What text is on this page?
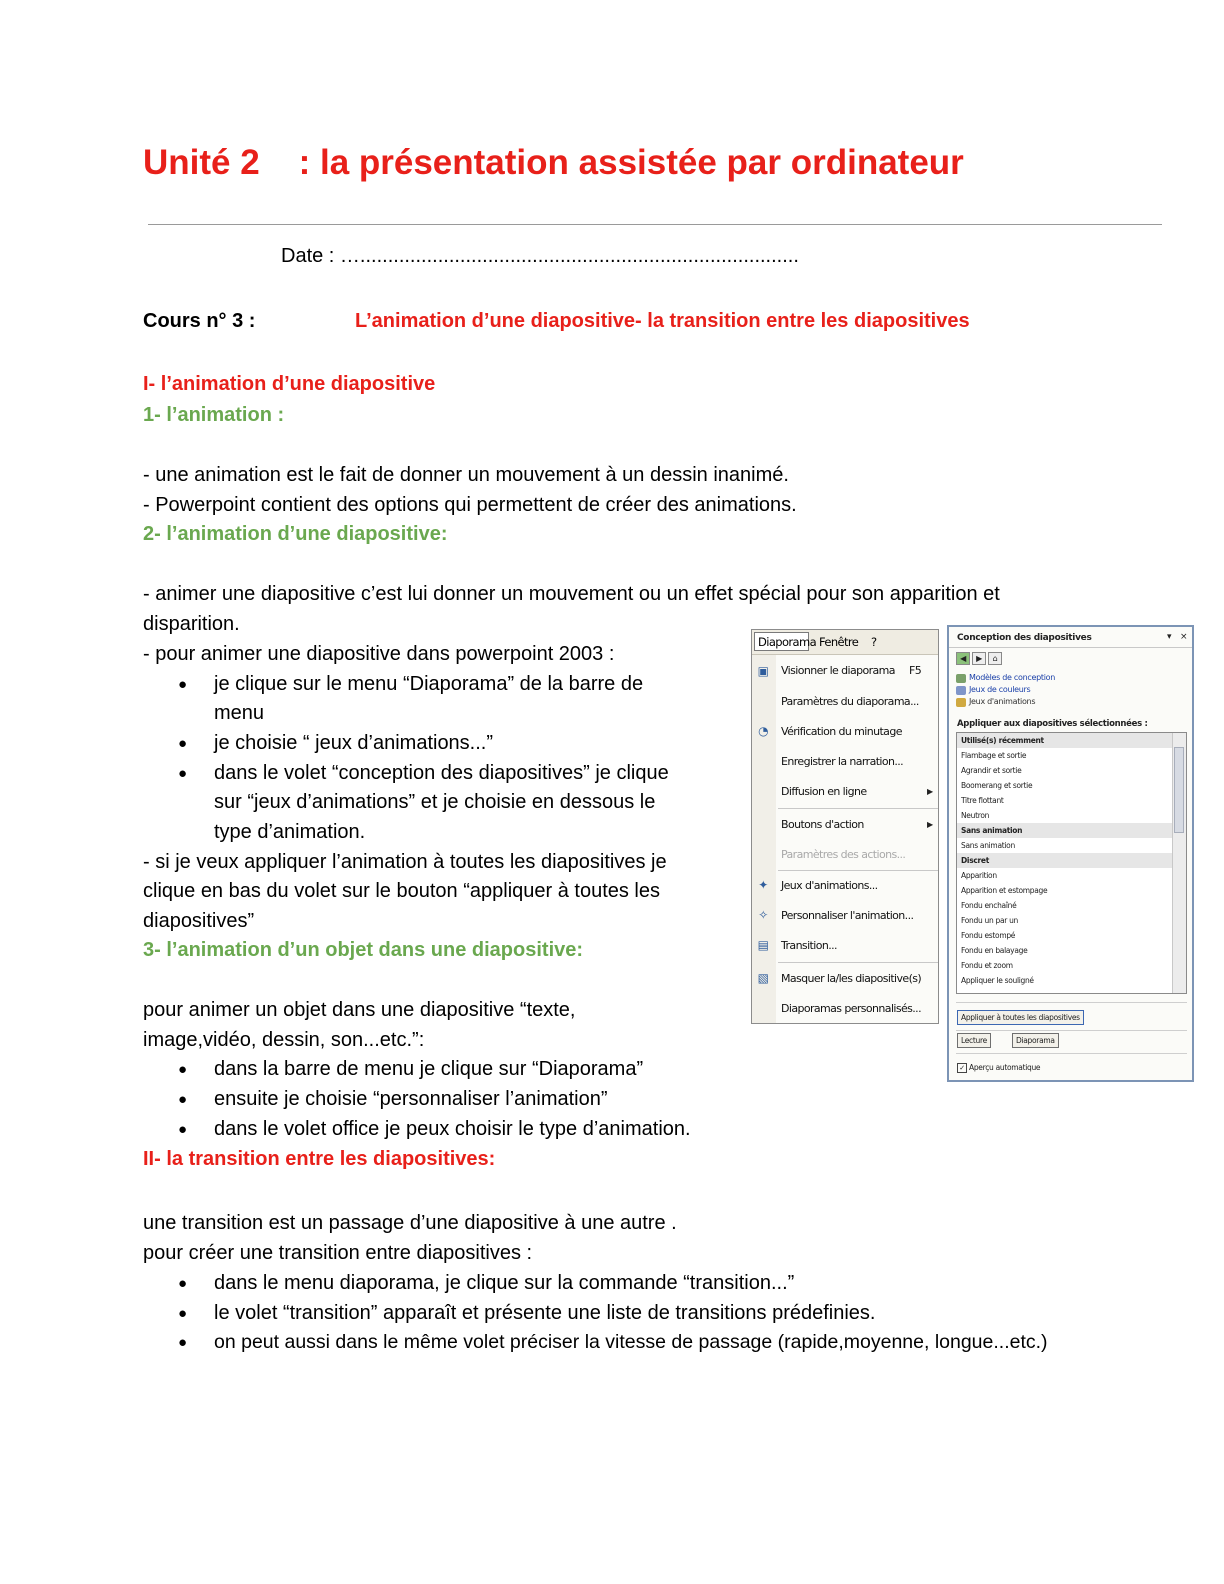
Unité 2    : la présentation assistée par ordinateur
Date : …...............................................................................
Cours n° 3 :	L’animation d’une diapositive- la transition entre les diapositives
I- l’animation d’une diapositive
1- l’animation :
- une animation est le fait de donner un mouvement à un dessin inanimé.
- Powerpoint contient des options qui permettent de créer des animations.
2- l’animation d’une diapositive:
- animer une diapositive c’est lui donner un mouvement ou un effet spécial pour son apparition et
disparition.
- pour animer une diapositive dans powerpoint 2003 :
● je clique sur le menu “Diaporama” de la barre de
menu
● je choisie “ jeux d’animations...”
● dans le volet “conception des diapositives” je clique
sur “jeux d’animations” et je choisie en dessous le
type d’animation.
- si je veux appliquer l’animation à toutes les diapositives je
clique en bas du volet sur le bouton “appliquer à toutes les
diapositives”
3- l’animation d’un objet dans une diapositive:
pour animer un objet dans une diapositive “texte,
image,vidéo, dessin, son...etc.”:
● dans la barre de menu je clique sur “Diaporama”
● ensuite je choisie “personnaliser l’animation”
● dans le volet office je peux choisir le type d’animation.
II- la transition entre les diapositives:
une transition est un passage d’une diapositive à une autre .
pour créer une transition entre diapositives :
● dans le menu diaporama, je clique sur la commande “transition...”
● le volet “transition” apparaît et présente une liste de transitions prédefinies.
● on peut aussi dans le même volet préciser la vitesse de passage (rapide,moyenne, longue...etc.)
Diaporama Fenêtre ?
▣ Visionner le diaporama F5
Paramètres du diaporama...
◔ Vérification du minutage
Enregistrer la narration...
Diffusion en ligne	▶
Boutons d'action	▶
Paramètres des actions...
✦ Jeux d'animations...
✧ Personnaliser l'animation...
▤ Transition...
▧ Masquer la/les diapositive(s)
Diaporamas personnalisés...
Conception des diapositives	▾ ×
◀	▶	⌂
Modèles de conception
Jeux de couleurs
Jeux d'animations
Appliquer aux diapositives sélectionnées :
Utilisé(s) récemment
Flambage et sortie
Agrandir et sortie
Boomerang et sortie
Titre flottant
Neutron
Sans animation
Sans animation
Discret
Apparition
Apparition et estompage
Fondu enchaîné
Fondu un par un
Fondu estompé
Fondu en balayage
Fondu et zoom
Appliquer le souligné
Appliquer à toutes les diapositives
Lecture	Diaporama
✓ Aperçu automatique
